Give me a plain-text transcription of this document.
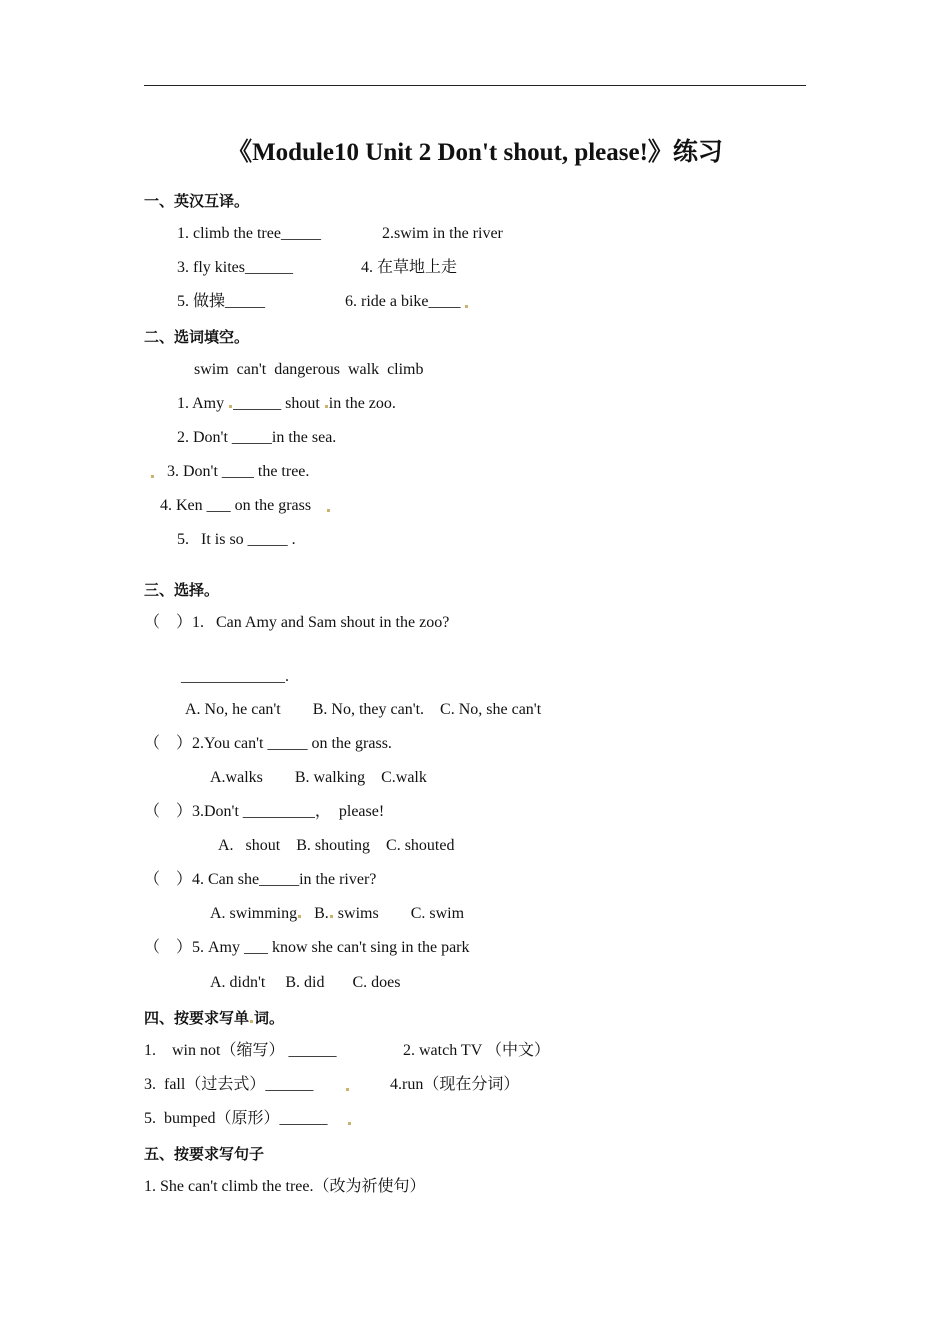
《Module10 Unit 2 Don't shout, please!》练习
一、英汉互译。
1. climb the tree_____	2.swim in the river
3. fly kites______	4. 在草地上走
5. 做操_____	6. ride a bike____
二、选词填空。
swim  can't  dangerous  walk  climb
1. Amy ______ shout in the zoo.
2. Don't _____in the sea.
3. Don't ____ the tree.
4. Ken ___ on the grass
5.   It is so _____ .
三、选择。
（    ）1.   Can Amy and Sam shout in the zoo?
_____________.
A. No, he can't        B. No, they can't.    C. No, she can't
（    ）2.You can't _____ on the grass.
A.walks        B. walking    C.walk
（    ）3.Don't _________，  please!
A.   shout    B. shouting    C. shouted
（    ）4. Can she_____in the river?
A. swimming B. swims        C. swim
（    ）5. Amy ___ know she can't sing in the park
A. didn't     B. did       C. does
四、按要求写单 词。
1.    win not（缩写） ______	2. watch TV （中文）
3.  fall（过去式）______	4.run（现在分词）
5.  bumped（原形）______
五、按要求写句子
1. She can't climb the tree.（改为祈使句）
